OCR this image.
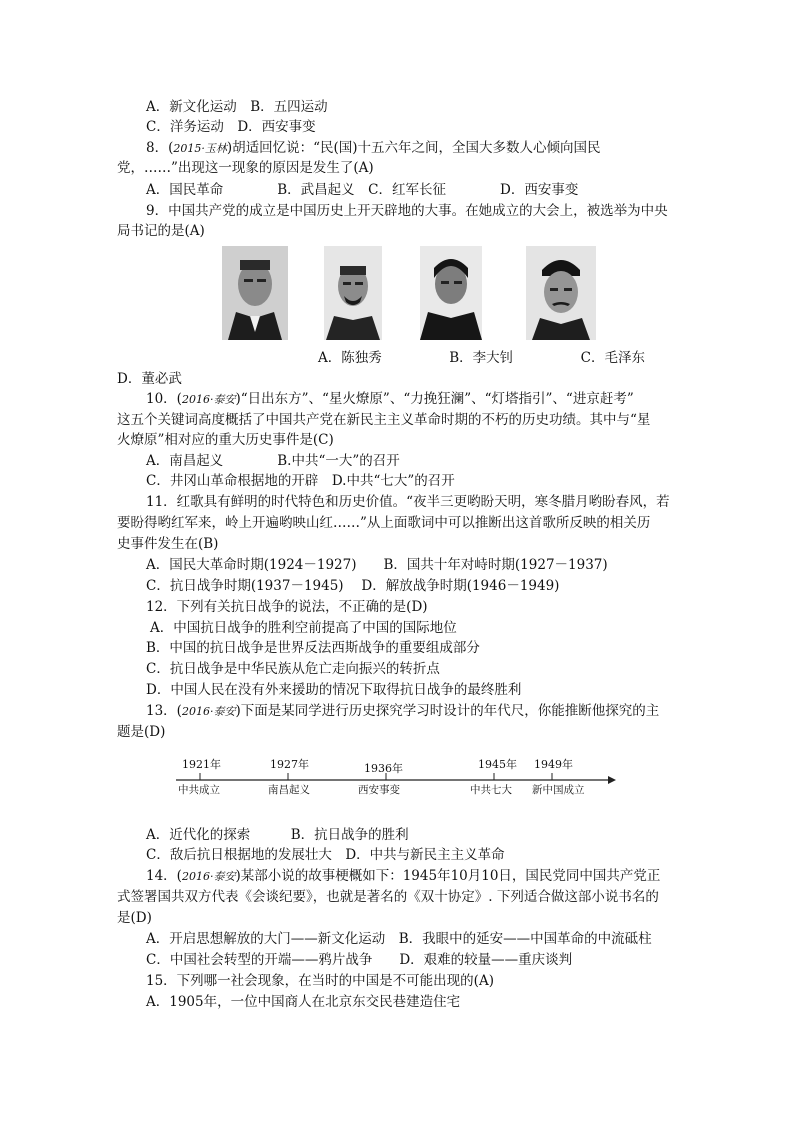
A．新文化运动　B．五四运动
C．洋务运动　D．西安事变
8．(2015·玉林)胡适回忆说：“民(国)十五六年之间，全国大多数人心倾向国民
党，……”出现这一现象的原因是发生了(A)
A．国民革命　　　　B．武昌起义　C．红军长征　　　　D．西安事变
9．中国共产党的成立是中国历史上开天辟地的大事。在她成立的大会上，被选举为中央
局书记的是(A)
A．陈独秀　　　　　B．李大钊　　　　　C．毛泽东
D．董必武
10．(2016·泰安)“日出东方”、“星火燎原”、“力挽狂澜”、“灯塔指引”、“进京赶考”
这五个关键词高度概括了中国共产党在新民主主义革命时期的不朽的历史功绩。其中与“星
火燎原”相对应的重大历史事件是(C)
A．南昌起义　　　　B.中共“一大”的召开
C．井冈山革命根据地的开辟　D.中共“七大”的召开
11．红歌具有鲜明的时代特色和历史价值。“夜半三更哟盼天明，寒冬腊月哟盼春风，若
要盼得哟红军来，岭上开遍哟映山红……”从上面歌词中可以推断出这首歌所反映的相关历
史事件发生在(B)
A．国民大革命时期(1924－1927)　　B．国共十年对峙时期(1927－1937)
C．抗日战争时期(1937－1945)　 D．解放战争时期(1946－1949)
12．下列有关抗日战争的说法，不正确的是(D)
A．中国抗日战争的胜利空前提高了中国的国际地位
B．中国的抗日战争是世界反法西斯战争的重要组成部分
C．抗日战争是中华民族从危亡走向振兴的转折点
D．中国人民在没有外来援助的情况下取得抗日战争的最终胜利
13．(2016·泰安)下面是某同学进行历史探究学习时设计的年代尺，你能推断他探究的主
题是(D)
1921年	1927年	1936年	1945年 1949年
中共成立	南昌起义	西安事变	中共七大 新中国成立
A．近代化的探索　　　B．抗日战争的胜利
C．敌后抗日根据地的发展壮大　D．中共与新民主主义革命
14．(2016·泰安)某部小说的故事梗概如下：1945年10月10日，国民党同中国共产党正
式签署国共双方代表《会谈纪要》，也就是著名的《双十协定》. 下列适合做这部小说书名的
是(D)
A．开启思想解放的大门——新文化运动　B．我眼中的延安——中国革命的中流砥柱
C．中国社会转型的开端——鸦片战争　　D．艰难的较量——重庆谈判
15．下列哪一社会现象，在当时的中国是不可能出现的(A)
A．1905年，一位中国商人在北京东交民巷建造住宅
